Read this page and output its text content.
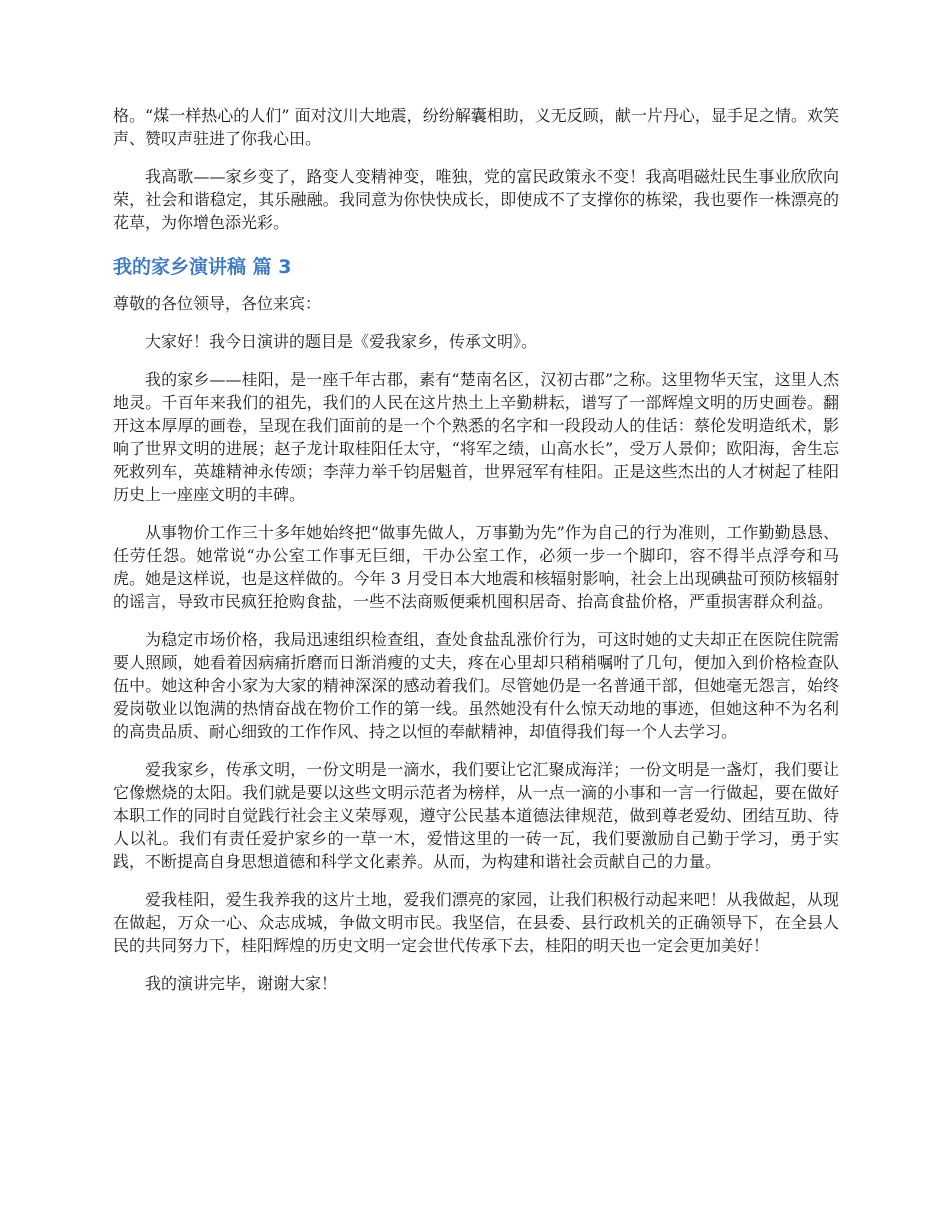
格。“煤一样热心的人们” 面对汶川大地震，纷纷解囊相助，义无反顾，献一片丹心，显手足之情。欢笑声、赞叹声驻进了你我心田。

我高歌——家乡变了，路变人变精神变，唯独，党的富民政策永不变！我高唱磁灶民生事业欣欣向荣，社会和谐稳定，其乐融融。我同意为你快快成长，即使成不了支撑你的栋梁，我也要作一株漂亮的花草，为你增色添光彩。

我的家乡演讲稿 篇 3

尊敬的各位领导，各位来宾：

大家好！我今日演讲的题目是《爱我家乡，传承文明》。

我的家乡——桂阳，是一座千年古郡，素有“楚南名区，汉初古郡”之称。这里物华天宝，这里人杰地灵。千百年来我们的祖先，我们的人民在这片热土上辛勤耕耘，谱写了一部辉煌文明的历史画卷。翻开这本厚厚的画卷，呈现在我们面前的是一个个熟悉的名字和一段段动人的佳话：蔡伦发明造纸术，影响了世界文明的进展；赵子龙计取桂阳任太守，“将军之绩，山高水长”，受万人景仰；欧阳海，舍生忘死救列车，英雄精神永传颂；李萍力举千钧居魁首，世界冠军有桂阳。正是这些杰出的人才树起了桂阳历史上一座座文明的丰碑。

从事物价工作三十多年她始终把“做事先做人，万事勤为先”作为自己的行为准则，工作勤勤恳恳、任劳任怨。她常说“办公室工作事无巨细，干办公室工作，必须一步一个脚印，容不得半点浮夸和马虎。她是这样说，也是这样做的。今年 3 月受日本大地震和核辐射影响，社会上出现碘盐可预防核辐射的谣言，导致市民疯狂抢购食盐，一些不法商贩便乘机囤积居奇、抬高食盐价格，严重损害群众利益。

为稳定市场价格，我局迅速组织检查组，查处食盐乱涨价行为，可这时她的丈夫却正在医院住院需要人照顾，她看着因病痛折磨而日渐消瘦的丈夫，疼在心里却只稍稍嘱咐了几句，便加入到价格检查队伍中。她这种舍小家为大家的精神深深的感动着我们。尽管她仍是一名普通干部，但她毫无怨言，始终爱岗敬业以饱满的热情奋战在物价工作的第一线。虽然她没有什么惊天动地的事迹，但她这种不为名利的高贵品质、耐心细致的工作作风、持之以恒的奉献精神，却值得我们每一个人去学习。

爱我家乡，传承文明，一份文明是一滴水，我们要让它汇聚成海洋；一份文明是一盏灯，我们要让它像燃烧的太阳。我们就是要以这些文明示范者为榜样，从一点一滴的小事和一言一行做起，要在做好本职工作的同时自觉践行社会主义荣辱观，遵守公民基本道德法律规范，做到尊老爱幼、团结互助、待人以礼。我们有责任爱护家乡的一草一木，爱惜这里的一砖一瓦，我们要激励自己勤于学习，勇于实践，不断提高自身思想道德和科学文化素养。从而，为构建和谐社会贡献自己的力量。

爱我桂阳，爱生我养我的这片土地，爱我们漂亮的家园，让我们积极行动起来吧！从我做起，从现在做起，万众一心、众志成城，争做文明市民。我坚信，在县委、县行政机关的正确领导下，在全县人民的共同努力下，桂阳辉煌的历史文明一定会世代传承下去，桂阳的明天也一定会更加美好！

我的演讲完毕，谢谢大家！
